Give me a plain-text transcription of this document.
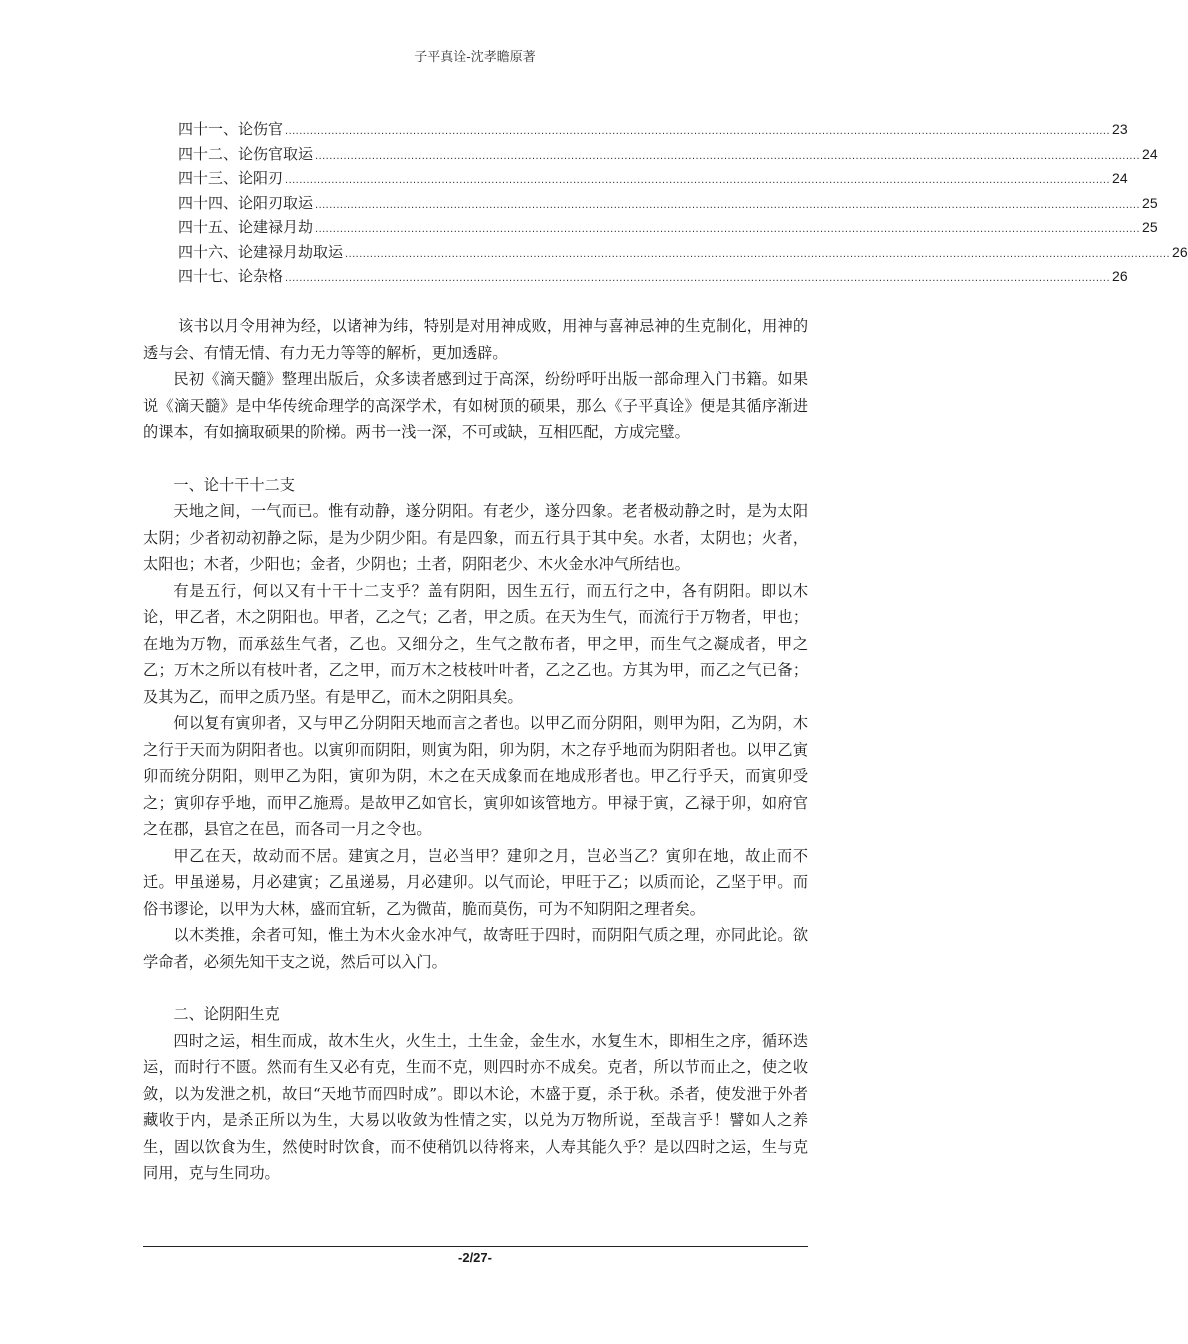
子平真诠-沈孝瞻原著
四十一、论伤官 ........................................................................................................................................................................................................................................ 23
四十二、论伤官取运 ........................................................................................................................................................................................................................................ 24
四十三、论阳刃 ........................................................................................................................................................................................................................................ 24
四十四、论阳刃取运 ........................................................................................................................................................................................................................................ 25
四十五、论建禄月劫 ........................................................................................................................................................................................................................................ 25
四十六、论建禄月劫取运 ........................................................................................................................................................................................................................................ 26
四十七、论杂格 ........................................................................................................................................................................................................................................ 26

该书以月令用神为经，以诸神为纬，特别是对用神成败，用神与喜神忌神的生克制化，用神的透与会、有情无情、有力无力等等的解析，更加透辟。

民初《滴天髓》整理出版后，众多读者感到过于高深，纷纷呼吁出版一部命理入门书籍。如果说《滴天髓》是中华传统命理学的高深学术，有如树顶的硕果，那么《子平真诠》便是其循序渐进的课本，有如摘取硕果的阶梯。两书一浅一深，不可或缺，互相匹配，方成完璧。

一、论十干十二支

天地之间，一气而已。惟有动静，遂分阴阳。有老少，遂分四象。老者极动静之时，是为太阳太阴；少者初动初静之际，是为少阴少阳。有是四象，而五行具于其中矣。水者，太阴也；火者，太阳也；木者，少阳也；金者，少阴也；土者，阴阳老少、木火金水冲气所结也。

有是五行，何以又有十干十二支乎？盖有阴阳，因生五行，而五行之中，各有阴阳。即以木论，甲乙者，木之阴阳也。甲者，乙之气；乙者，甲之质。在天为生气，而流行于万物者，甲也；在地为万物，而承兹生气者，乙也。又细分之，生气之散布者，甲之甲，而生气之凝成者，甲之乙；万木之所以有枝叶者，乙之甲，而万木之枝枝叶叶者，乙之乙也。方其为甲，而乙之气已备；及其为乙，而甲之质乃坚。有是甲乙，而木之阴阳具矣。

何以复有寅卯者，又与甲乙分阴阳天地而言之者也。以甲乙而分阴阳，则甲为阳，乙为阴，木之行于天而为阴阳者也。以寅卯而阴阳，则寅为阳，卯为阴，木之存乎地而为阴阳者也。以甲乙寅卯而统分阴阳，则甲乙为阳，寅卯为阴，木之在天成象而在地成形者也。甲乙行乎天，而寅卯受之；寅卯存乎地，而甲乙施焉。是故甲乙如官长，寅卯如该管地方。甲禄于寅，乙禄于卯，如府官之在郡，县官之在邑，而各司一月之令也。

甲乙在天，故动而不居。建寅之月，岂必当甲？建卯之月，岂必当乙？寅卯在地，故止而不迁。甲虽递易，月必建寅；乙虽递易，月必建卯。以气而论，甲旺于乙；以质而论，乙坚于甲。而俗书谬论，以甲为大林，盛而宜斩，乙为微苗，脆而莫伤，可为不知阴阳之理者矣。

以木类推，余者可知，惟土为木火金水冲气，故寄旺于四时，而阴阳气质之理，亦同此论。欲学命者，必须先知干支之说，然后可以入门。

二、论阴阳生克

四时之运，相生而成，故木生火，火生土，土生金，金生水，水复生木，即相生之序，循环迭运，而时行不匮。然而有生又必有克，生而不克，则四时亦不成矣。克者，所以节而止之，使之收敛，以为发泄之机，故曰“天地节而四时成”。即以木论，木盛于夏，杀于秋。杀者，使发泄于外者藏收于内，是杀正所以为生，大易以收敛为性情之实，以兑为万物所说，至哉言乎！譬如人之养生，固以饮食为生，然使时时饮食，而不使稍饥以待将来，人寿其能久乎？是以四时之运，生与克同用，克与生同功。

-2/27-
